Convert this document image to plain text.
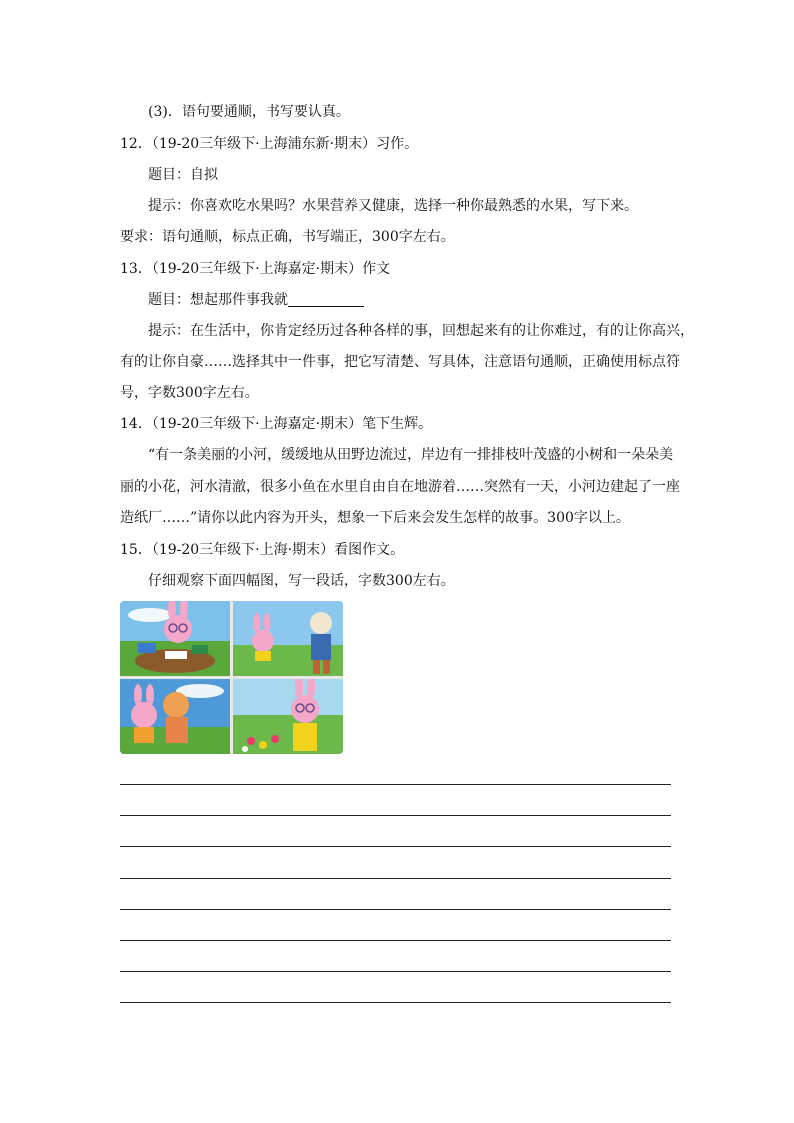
(3)．语句要通顺，书写要认真。
12．（19-20三年级下·上海浦东新·期末）习作。
题目：自拟
提示：你喜欢吃水果吗？水果营养又健康，选择一种你最熟悉的水果，写下来。
要求：语句通顺，标点正确，书写端正，300字左右。
13．（19-20三年级下·上海嘉定·期末）作文
题目：想起那件事我就
提示：在生活中，你肯定经历过各种各样的事，回想起来有的让你难过，有的让你高兴，
有的让你自豪……选择其中一件事，把它写清楚、写具体，注意语句通顺，正确使用标点符
号，字数300字左右。
14．（19-20三年级下·上海嘉定·期末）笔下生辉。
“有一条美丽的小河，缓缓地从田野边流过，岸边有一排排枝叶茂盛的小树和一朵朵美
丽的小花，河水清澈，很多小鱼在水里自由自在地游着……突然有一天，小河边建起了一座
造纸厂……”请你以此内容为开头，想象一下后来会发生怎样的故事。300字以上。
15．（19-20三年级下·上海·期末）看图作文。
仔细观察下面四幅图，写一段话，字数300左右。
